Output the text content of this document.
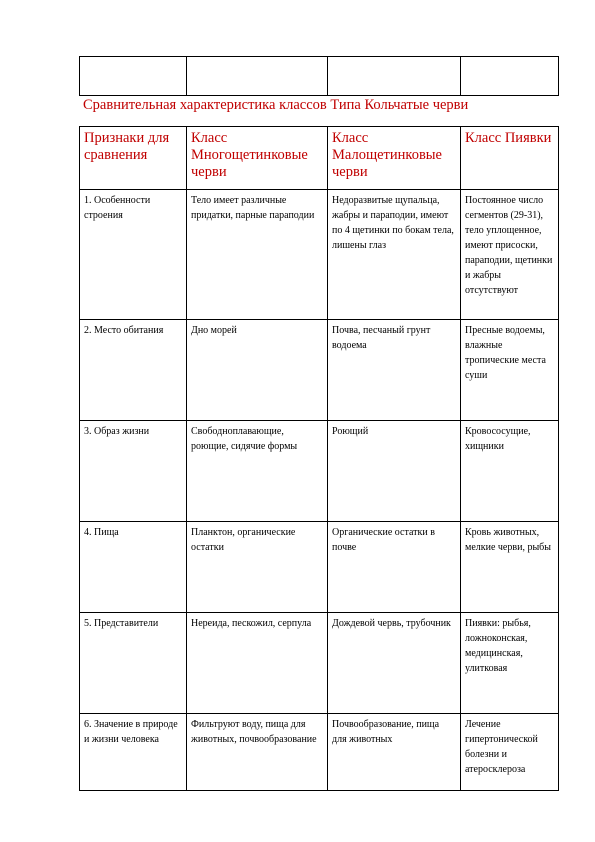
Сравнительная характеристика классов Типа Кольчатые черви
Признаки для сравнения	Класс Многощетинковые черви	Класс Малощетинковые черви	Класс Пиявки
1. Особенности строения	Тело имеет различные придатки, парные параподии	Недоразвитые щупальца, жабры и параподии, имеют по 4 щетинки по бокам тела, лишены глаз	Постоянное число сегментов (29-31), тело уплощенное, имеют присоски, параподии, щетинки и жабры отсутствуют
2. Место обитания	Дно морей	Почва, песчаный грунт водоема	Пресные водоемы, влажные тропические места суши
3. Образ жизни	Свободноплавающие, роющие, сидячие формы	Роющий	Кровососущие, хищники
4. Пища	Планктон, органические остатки	Органические остатки в почве	Кровь животных, мелкие черви, рыбы
5. Представители	Нереида, пескожил, серпула	Дождевой червь, трубочник	Пиявки: рыбья, ложноконская, медицинская, улитковая
6. Значение в природе и жизни человека	Фильтруют воду, пища для животных, почвообразование	Почвообразование, пища для животных	Лечение гипертонической болезни и атеросклероза
